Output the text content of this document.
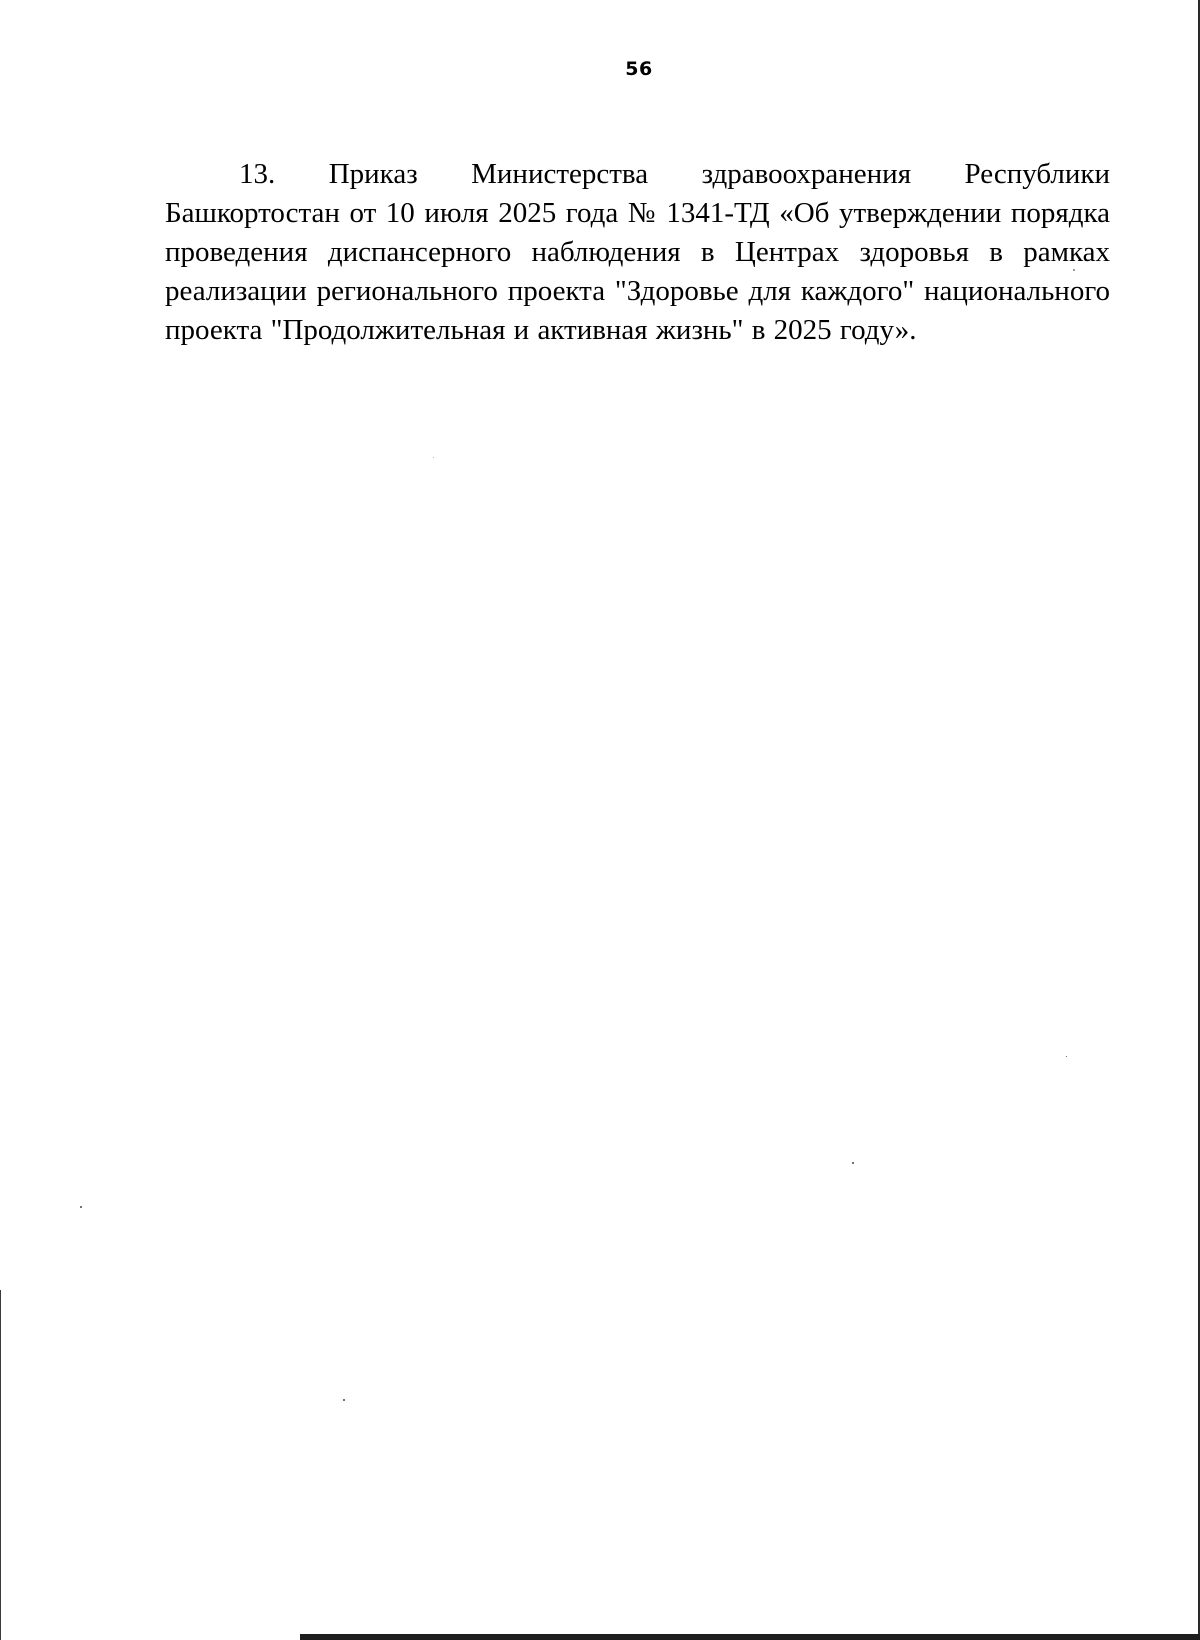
56

13. Приказ Министерства здравоохранения Республики Башкортостан от 10 июля 2025 года № 1341-ТД «Об утверждении порядка проведения диспансерного наблюдения в Центрах здоровья в рамках реализации регионального проекта "Здоровье для каждого" национального проекта "Продолжительная и активная жизнь" в 2025 году».
